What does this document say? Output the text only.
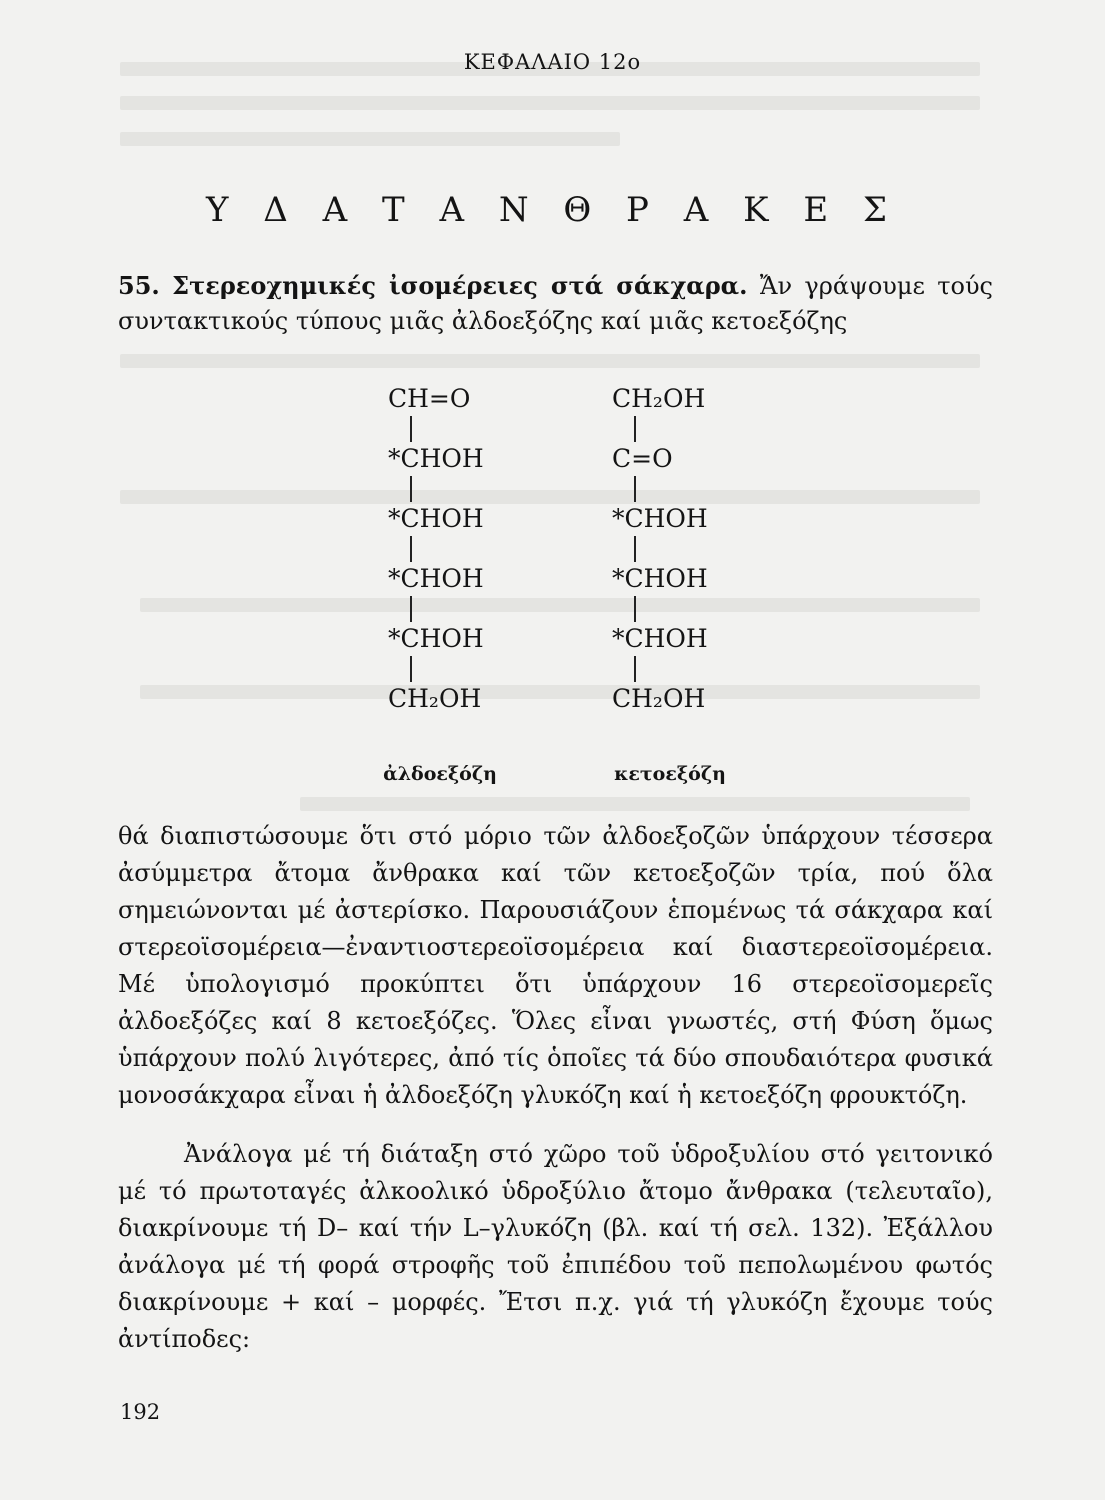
ΚΕΦΑΛΑΙΟ 12ο
Υ Δ Α Τ Α Ν Θ Ρ Α Κ Ε Σ
55. Στερεοχημικές ἰσομέρειες στά σάκχαρα. Ἄν γράψουμε τούς συντακτικούς τύπους μιᾶς ἀλδοεξόζης καί μιᾶς κετοεξόζης
CH=O
*CHOH
*CHOH
*CHOH
*CHOH
CH₂OH
ἀλδοεξόζη
CH₂OH
C=O
*CHOH
*CHOH
*CHOH
CH₂OH
κετοεξόζη
θά διαπιστώσουμε ὅτι στό μόριο τῶν ἀλδοεξοζῶν ὑπάρχουν τέσσερα ἀσύμμετρα ἄτομα ἄνθρακα καί τῶν κετοεξοζῶν τρία, πού ὅλα σημειώνονται μέ ἀστερίσκο. Παρουσιάζουν ἑπομένως τά σάκχαρα καί στερεοϊσομέρεια—ἐναντιοστερεοϊσομέρεια καί διαστερεοϊσομέρεια. Μέ ὑπολογισμό προκύπτει ὅτι ὑπάρχουν 16 στερεοϊσομερεῖς ἀλδοεξόζες καί 8 κετοεξόζες. Ὅλες εἶναι γνωστές, στή Φύση ὅμως ὑπάρχουν πολύ λιγότερες, ἀπό τίς ὁποῖες τά δύο σπουδαιότερα φυσικά μονοσάκχαρα εἶναι ἡ ἀλδοεξόζη γλυκόζη καί ἡ κετοεξόζη φρουκτόζη.
Ἀνάλογα μέ τή διάταξη στό χῶρο τοῦ ὑδροξυλίου στό γειτονικό μέ τό πρωτοταγές ἀλκοολικό ὑδροξύλιο ἄτομο ἄνθρακα (τελευταῖο), διακρίνουμε τή D– καί τήν L–γλυκόζη (βλ. καί τή σελ. 132). Ἐξάλλου ἀνάλογα μέ τή φορά στροφῆς τοῦ ἐπιπέδου τοῦ πεπολωμένου φωτός διακρίνουμε + καί – μορφές. Ἔτσι π.χ. γιά τή γλυκόζη ἔχουμε τούς ἀντίποδες:
192
